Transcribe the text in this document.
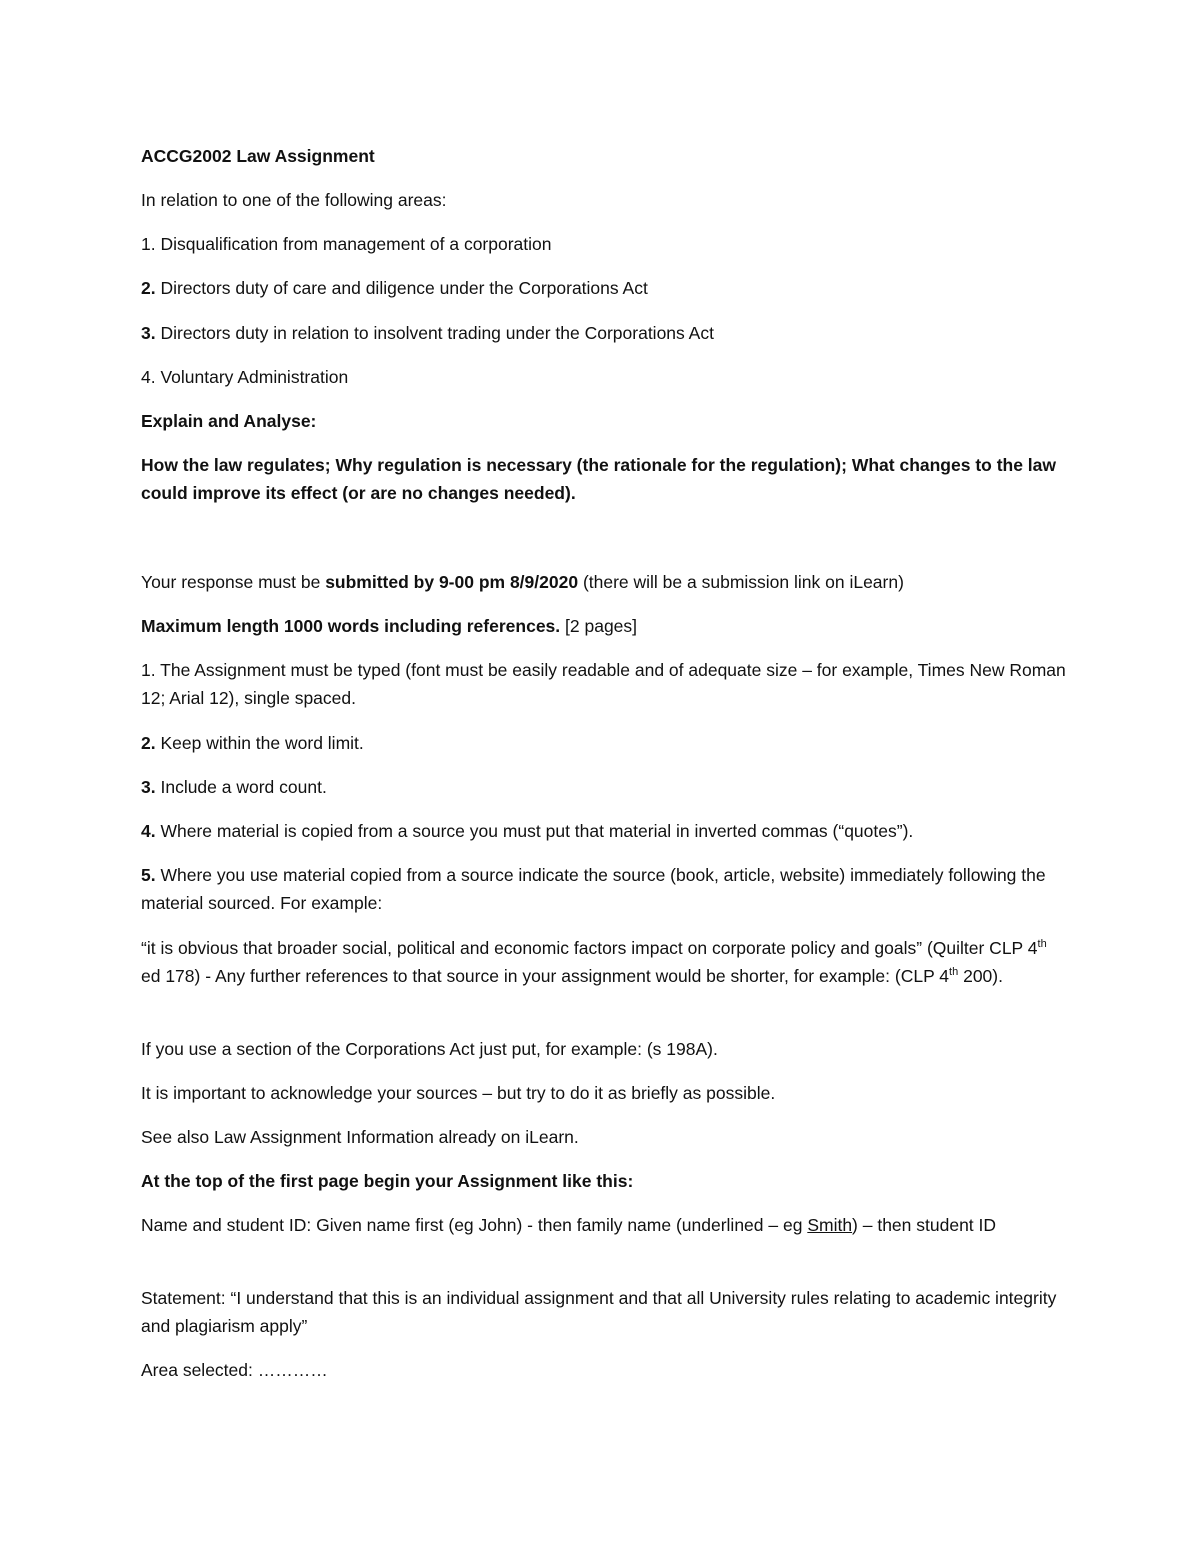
ACCG2002 Law Assignment

In relation to one of the following areas:

1. Disqualification from management of a corporation

2. Directors duty of care and diligence under the Corporations Act

3. Directors duty in relation to insolvent trading under the Corporations Act

4. Voluntary Administration

Explain and Analyse:

How the law regulates; Why regulation is necessary (the rationale for the regulation); What changes to the law could improve its effect (or are no changes needed).

Your response must be submitted by 9-00 pm 8/9/2020 (there will be a submission link on iLearn)

Maximum length 1000 words including references. [2 pages]

1. The Assignment must be typed (font must be easily readable and of adequate size – for example, Times New Roman 12; Arial 12), single spaced.

2. Keep within the word limit.

3. Include a word count.

4. Where material is copied from a source you must put that material in inverted commas (“quotes”).

5. Where you use material copied from a source indicate the source (book, article, website) immediately following the material sourced. For example:

“it is obvious that broader social, political and economic factors impact on corporate policy and goals” (Quilter CLP 4th ed 178) - Any further references to that source in your assignment would be shorter, for example: (CLP 4th 200).

If you use a section of the Corporations Act just put, for example: (s 198A).

It is important to acknowledge your sources – but try to do it as briefly as possible.

See also Law Assignment Information already on iLearn.

At the top of the first page begin your Assignment like this:

Name and student ID: Given name first (eg John) - then family name (underlined – eg Smith) – then student ID

Statement: “I understand that this is an individual assignment and that all University rules relating to academic integrity and plagiarism apply”

Area selected: …………
